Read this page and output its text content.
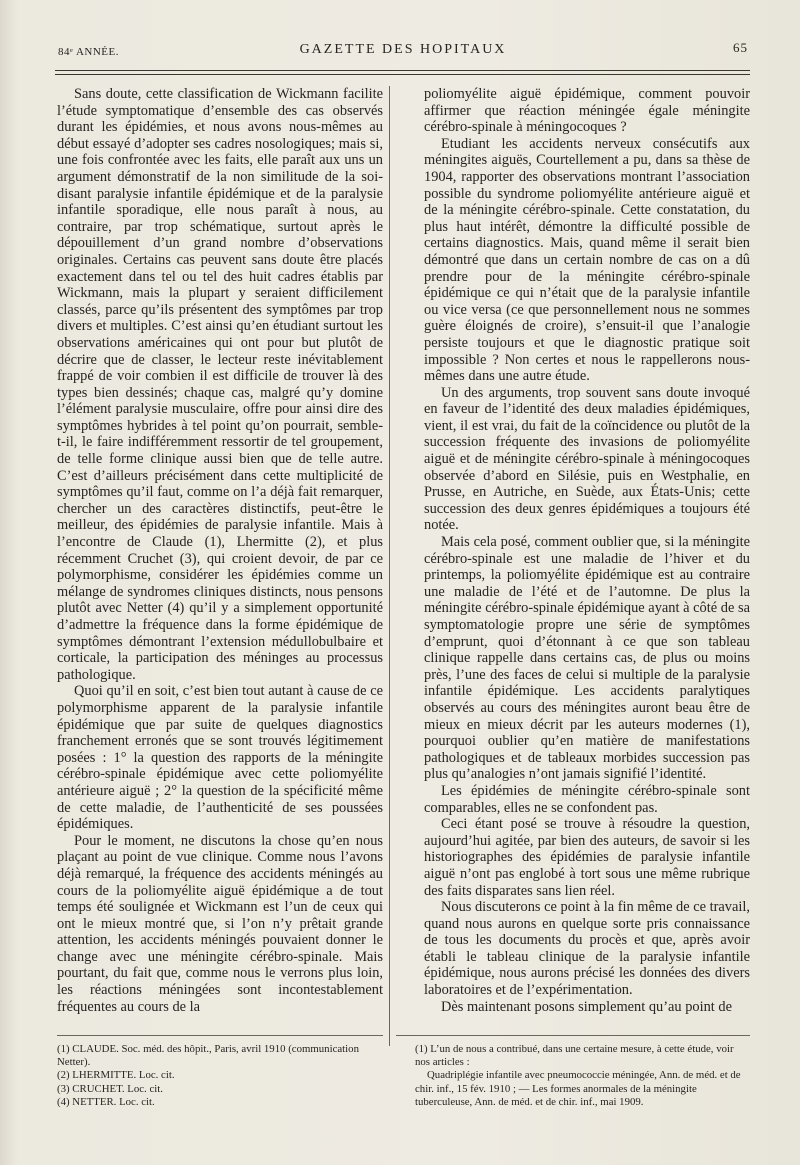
84ᵉ ANNÉE.	GAZETTE DES HOPITAUX	65

Sans doute, cette classification de Wickmann facilite l’étude symptomatique d’ensemble des cas observés durant les épidémies, et nous avons nous-mêmes au début essayé d’adopter ses cadres nosologiques; mais si, une fois confrontée avec les faits, elle paraît aux uns un argument démonstratif de la non similitude de la soi-disant paralysie infantile épidémique et de la paralysie infantile sporadique, elle nous paraît à nous, au contraire, par trop schématique, surtout après le dépouillement d’un grand nombre d’observations originales. Certains cas peuvent sans doute être placés exactement dans tel ou tel des huit cadres établis par Wickmann, mais la plupart y seraient difficilement classés, parce qu’ils présentent des symptômes par trop divers et multiples. C’est ainsi qu’en étudiant surtout les observations américaines qui ont pour but plutôt de décrire que de classer, le lecteur reste inévitablement frappé de voir combien il est difficile de trouver là des types bien dessinés; chaque cas, malgré qu’y domine l’élément paralysie musculaire, offre pour ainsi dire des symptômes hybrides à tel point qu’on pourrait, semble-t-il, le faire indifféremment ressortir de tel groupement, de telle forme clinique aussi bien que de telle autre. C’est d’ailleurs précisément dans cette multiplicité de symptômes qu’il faut, comme on l’a déjà fait remarquer, chercher un des caractères distinctifs, peut-être le meilleur, des épidémies de paralysie infantile. Mais à l’encontre de Claude (1), Lhermitte (2), et plus récemment Cruchet (3), qui croient devoir, de par ce polymorphisme, considérer les épidémies comme un mélange de syndromes cliniques distincts, nous pensons plutôt avec Netter (4) qu’il y a simplement opportunité d’admettre la fréquence dans la forme épidémique de symptômes démontrant l’extension médullobulbaire et corticale, la participation des méninges au processus pathologique.

Quoi qu’il en soit, c’est bien tout autant à cause de ce polymorphisme apparent de la paralysie infantile épidémique que par suite de quelques diagnostics franchement erronés que se sont trouvés légitimement posées : 1° la question des rapports de la méningite cérébro-spinale épidémique avec cette poliomyélite antérieure aiguë ; 2° la question de la spécificité même de cette maladie, de l’authenticité de ses poussées épidémiques.

Pour le moment, ne discutons la chose qu’en nous plaçant au point de vue clinique. Comme nous l’avons déjà remarqué, la fréquence des accidents méningés au cours de la poliomyélite aiguë épidémique a de tout temps été soulignée et Wickmann est l’un de ceux qui ont le mieux montré que, si l’on n’y prêtait grande attention, les accidents méningés pouvaient donner le change avec une méningite cérébro-spinale. Mais pourtant, du fait que, comme nous le verrons plus loin, les réactions méningées sont incontestablement fréquentes au cours de la

poliomyélite aiguë épidémique, comment pouvoir affirmer que réaction méningée égale méningite cérébro-spinale à méningocoques ?

Etudiant les accidents nerveux consécutifs aux méningites aiguës, Courtellement a pu, dans sa thèse de 1904, rapporter des observations montrant l’association possible du syndrome poliomyélite antérieure aiguë et de la méningite cérébro-spinale. Cette constatation, du plus haut intérêt, démontre la difficulté possible de certains diagnostics. Mais, quand même il serait bien démontré que dans un certain nombre de cas on a dû prendre pour de la méningite cérébro-spinale épidémique ce qui n’était que de la paralysie infantile ou vice versa (ce que personnellement nous ne sommes guère éloignés de croire), s’ensuit-il que l’analogie persiste toujours et que le diagnostic pratique soit impossible ? Non certes et nous le rappellerons nous-mêmes dans une autre étude.

Un des arguments, trop souvent sans doute invoqué en faveur de l’identité des deux maladies épidémiques, vient, il est vrai, du fait de la coïncidence ou plutôt de la succession fréquente des invasions de poliomyélite aiguë et de méningite cérébro-spinale à méningocoques observée d’abord en Silésie, puis en Westphalie, en Prusse, en Autriche, en Suède, aux États-Unis; cette succession des deux genres épidémiques a toujours été notée.

Mais cela posé, comment oublier que, si la méningite cérébro-spinale est une maladie de l’hiver et du printemps, la poliomyélite épidémique est au contraire une maladie de l’été et de l’automne. De plus la méningite cérébro-spinale épidémique ayant à côté de sa symptomatologie propre une série de symptômes d’emprunt, quoi d’étonnant à ce que son tableau clinique rappelle dans certains cas, de plus ou moins près, l’une des faces de celui si multiple de la paralysie infantile épidémique. Les accidents paralytiques observés au cours des méningites auront beau être de mieux en mieux décrit par les auteurs modernes (1), pourquoi oublier qu’en matière de manifestations pathologiques et de tableaux morbides succession pas plus qu’analogies n’ont jamais signifié l’identité.

Les épidémies de méningite cérébro-spinale sont comparables, elles ne se confondent pas.

Ceci étant posé se trouve à résoudre la question, aujourd’hui agitée, par bien des auteurs, de savoir si les historiographes des épidémies de paralysie infantile aiguë n’ont pas englobé à tort sous une même rubrique des faits disparates sans lien réel.

Nous discuterons ce point à la fin même de ce travail, quand nous aurons en quelque sorte pris connaissance de tous les documents du procès et que, après avoir établi le tableau clinique de la paralysie infantile épidémique, nous aurons précisé les données des divers laboratoires et de l’expérimentation.

Dès maintenant posons simplement qu’au point de

(1) CLAUDE. Soc. méd. des hôpit., Paris, avril 1910 (communication Netter).

(2) LHERMITTE. Loc. cit.

(3) CRUCHET. Loc. cit.

(4) NETTER. Loc. cit.

(1) L’un de nous a contribué, dans une certaine mesure, à cette étude, voir nos articles :

Quadriplégie infantile avec pneumococcie méningée, Ann. de méd. et de chir. inf., 15 fév. 1910 ; — Les formes anormales de la méningite tuberculeuse, Ann. de méd. et de chir. inf., mai 1909.
